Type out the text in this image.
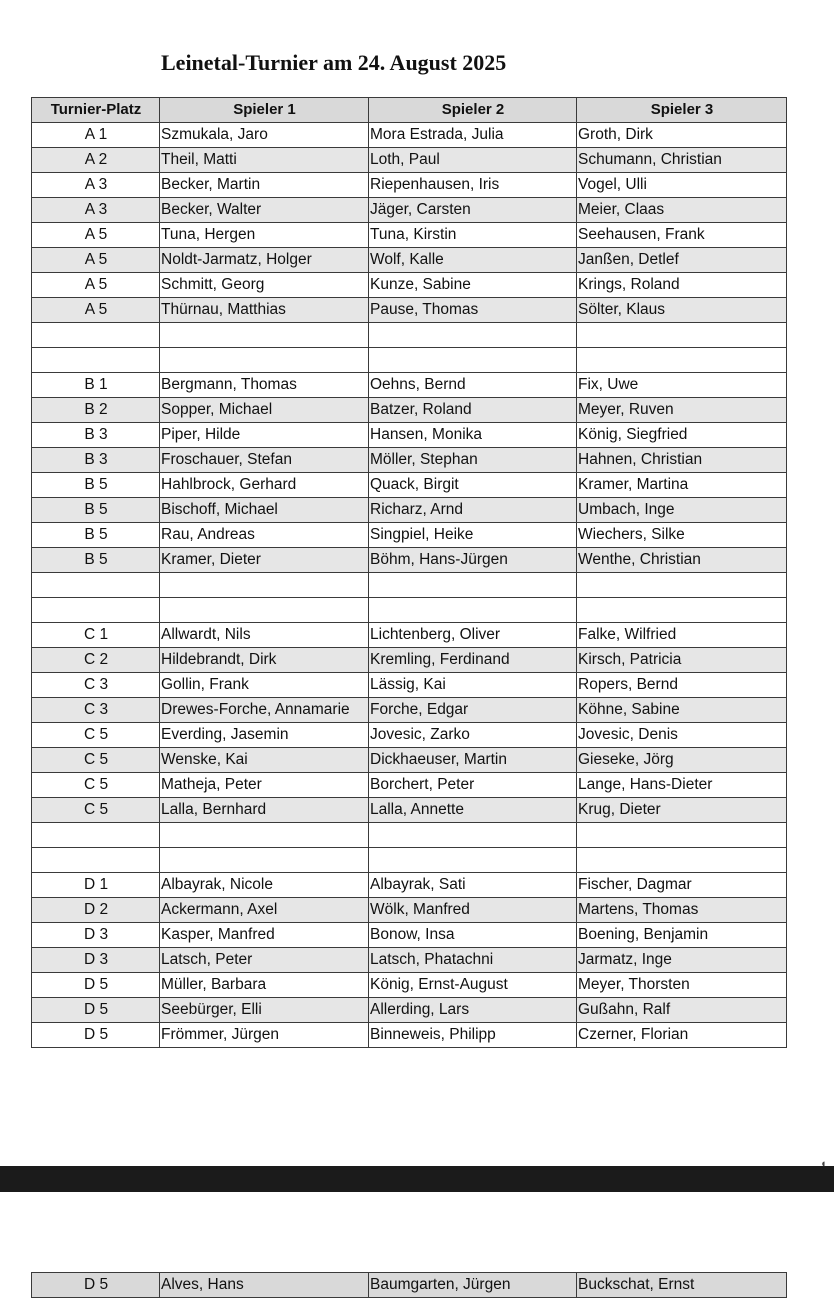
Leinetal-Turnier am 24. August 2025
Turnier-Platz	Spieler 1	Spieler 2	Spieler 3
A 1	Szmukala, Jaro	Mora Estrada, Julia	Groth, Dirk
A 2	Theil, Matti	Loth, Paul	Schumann, Christian
A 3	Becker, Martin	Riepenhausen, Iris	Vogel, Ulli
A 3	Becker, Walter	Jäger, Carsten	Meier, Claas
A 5	Tuna, Hergen	Tuna, Kirstin	Seehausen, Frank
A 5	Noldt-Jarmatz, Holger	Wolf, Kalle	Janßen, Detlef
A 5	Schmitt, Georg	Kunze, Sabine	Krings, Roland
A 5	Thürnau, Matthias	Pause, Thomas	Sölter, Klaus

B 1	Bergmann, Thomas	Oehns, Bernd	Fix, Uwe
B 2	Sopper, Michael	Batzer, Roland	Meyer, Ruven
B 3	Piper, Hilde	Hansen, Monika	König, Siegfried
B 3	Froschauer, Stefan	Möller, Stephan	Hahnen, Christian
B 5	Hahlbrock, Gerhard	Quack, Birgit	Kramer, Martina
B 5	Bischoff, Michael	Richarz, Arnd	Umbach, Inge
B 5	Rau, Andreas	Singpiel, Heike	Wiechers, Silke
B 5	Kramer, Dieter	Böhm, Hans-Jürgen	Wenthe, Christian

C 1	Allwardt, Nils	Lichtenberg, Oliver	Falke, Wilfried
C 2	Hildebrandt, Dirk	Kremling, Ferdinand	Kirsch, Patricia
C 3	Gollin, Frank	Lässig, Kai	Ropers, Bernd
C 3	Drewes-Forche, Annamarie	Forche, Edgar	Köhne, Sabine
C 5	Everding, Jasemin	Jovesic, Zarko	Jovesic, Denis
C 5	Wenske, Kai	Dickhaeuser, Martin	Gieseke, Jörg
C 5	Matheja, Peter	Borchert, Peter	Lange, Hans-Dieter
C 5	Lalla, Bernhard	Lalla, Annette	Krug, Dieter

D 1	Albayrak, Nicole	Albayrak, Sati	Fischer, Dagmar
D 2	Ackermann, Axel	Wölk, Manfred	Martens, Thomas
D 3	Kasper, Manfred	Bonow, Insa	Boening, Benjamin
D 3	Latsch, Peter	Latsch, Phatachni	Jarmatz, Inge
D 5	Müller, Barbara	König, Ernst-August	Meyer, Thorsten
D 5	Seebürger, Elli	Allerding, Lars	Gußahn, Ralf
D 5	Frömmer, Jürgen	Binneweis, Philipp	Czerner, Florian
◖
D 5	Alves, Hans	Baumgarten, Jürgen	Buckschat, Ernst
